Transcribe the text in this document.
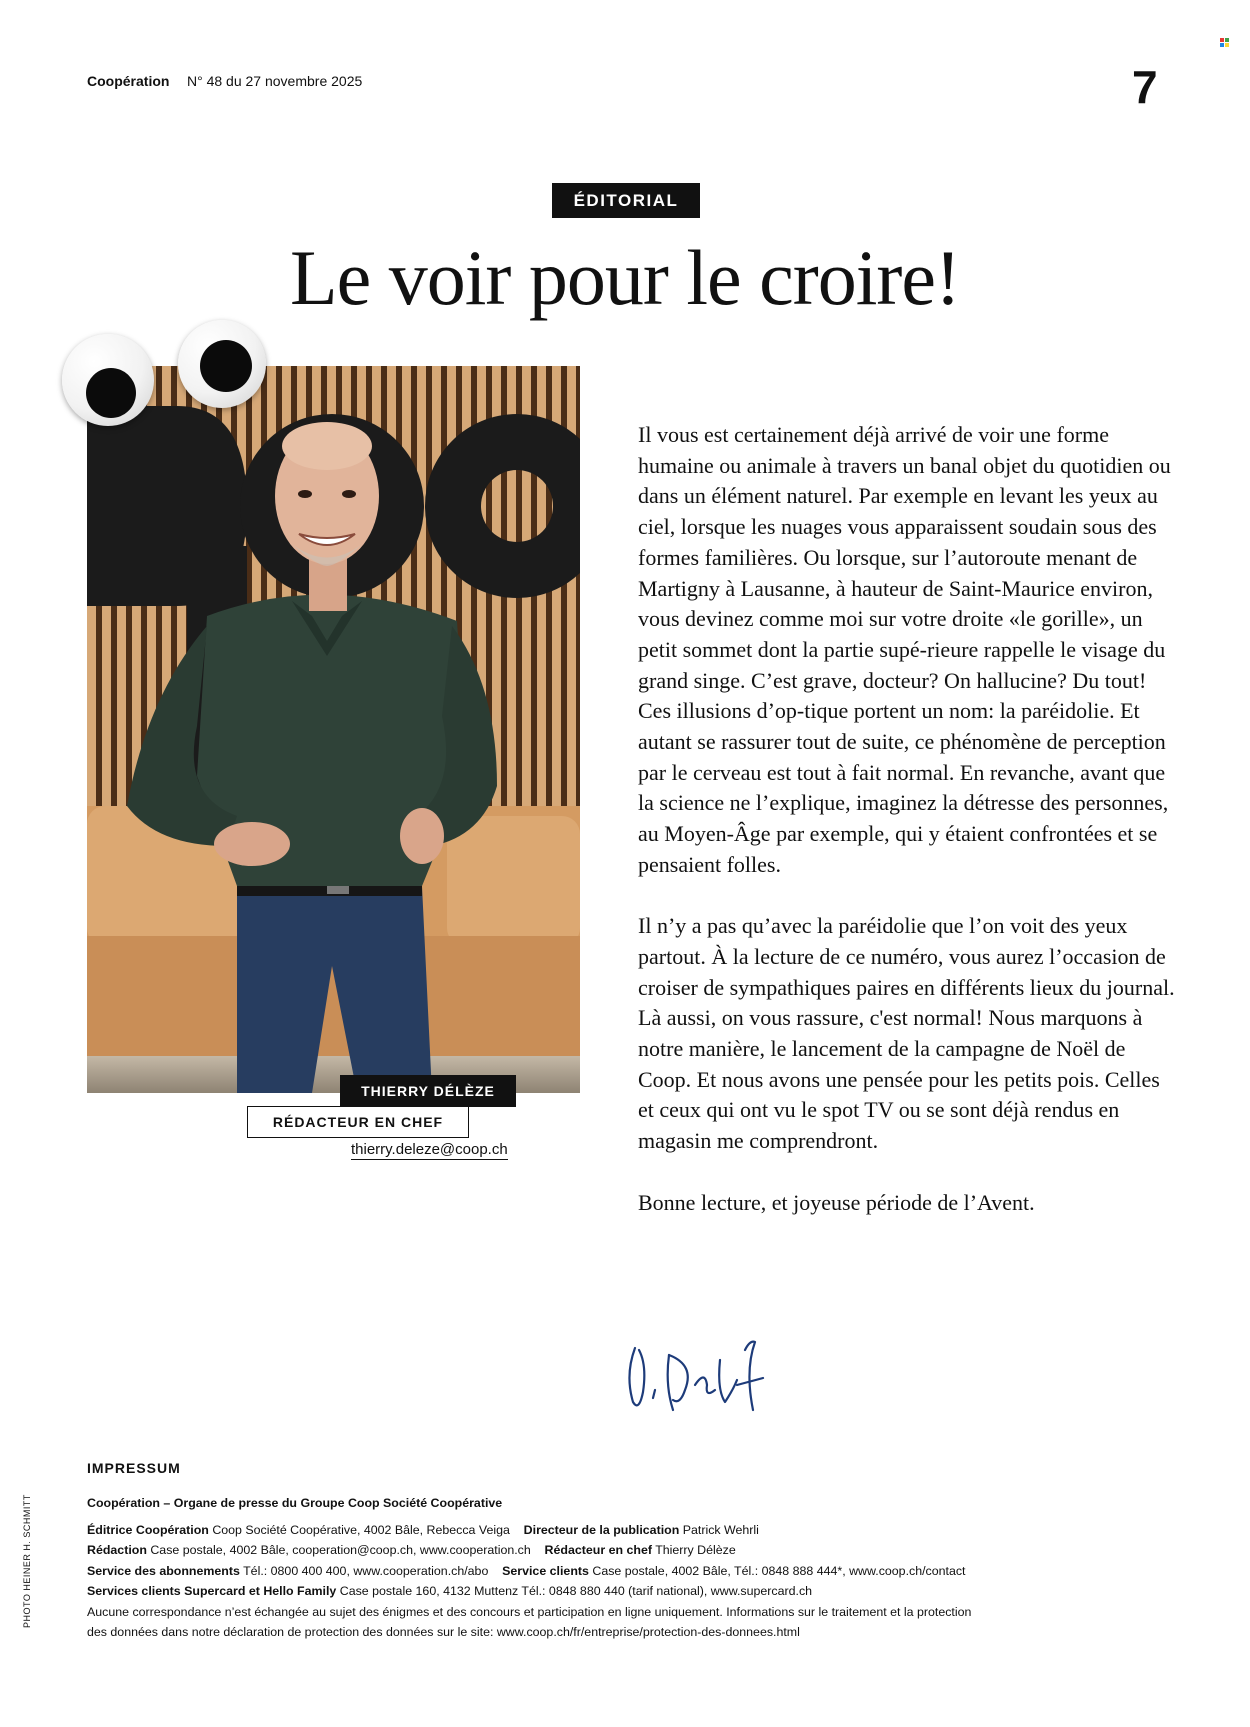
Coopération N° 48 du 27 novembre 2025	7
ÉDITORIAL
Le voir pour le croire!
THIERRY DÉLÈZE
RÉDACTEUR EN CHEF
thierry.deleze@coop.ch

Il vous est certainement déjà arrivé de voir une forme humaine ou animale à travers un banal objet du quotidien ou dans un élément naturel. Par exemple en levant les yeux au ciel, lorsque les nuages vous apparaissent soudain sous des formes familières. Ou lorsque, sur l’autoroute menant de Martigny à Lausanne, à hauteur de Saint-Maurice environ, vous devinez comme moi sur votre droite «le gorille», un petit sommet dont la partie supé-rieure rappelle le visage du grand singe. C’est grave, docteur? On hallucine? Du tout! Ces illusions d’op-tique portent un nom: la paréidolie. Et autant se rassurer tout de suite, ce phénomène de perception par le cerveau est tout à fait normal. En revanche, avant que la science ne l’explique, imaginez la détresse des personnes, au Moyen-Âge par exemple, qui y étaient confrontées et se pensaient folles.

Il n’y a pas qu’avec la paréidolie que l’on voit des yeux partout. À la lecture de ce numéro, vous aurez l’occasion de croiser de sympathiques paires en différents lieux du journal. Là aussi, on vous rassure, c'est normal! Nous marquons à notre manière, le lancement de la campagne de Noël de Coop. Et nous avons une pensée pour les petits pois. Celles et ceux qui ont vu le spot TV ou se sont déjà rendus en magasin me comprendront.

Bonne lecture, et joyeuse période de l’Avent.

IMPRESSUM
Coopération – Organe de presse du Groupe Coop Société Coopérative
Éditrice Coopération Coop Société Coopérative, 4002 Bâle, Rebecca Veiga Directeur de la publication Patrick Wehrli
Rédaction Case postale, 4002 Bâle, cooperation@coop.ch, www.cooperation.ch Rédacteur en chef Thierry Délèze
Service des abonnements Tél.: 0800 400 400, www.cooperation.ch/abo Service clients Case postale, 4002 Bâle, Tél.: 0848 888 444*, www.coop.ch/contact
Services clients Supercard et Hello Family Case postale 160, 4132 Muttenz Tél.: 0848 880 440 (tarif national), www.supercard.ch
Aucune correspondance n’est échangée au sujet des énigmes et des concours et participation en ligne uniquement. Informations sur le traitement et la protection
des données dans notre déclaration de protection des données sur le site: www.coop.ch/fr/entreprise/protection-des-donnees.html
PHOTO HEINER H. SCHMITT
